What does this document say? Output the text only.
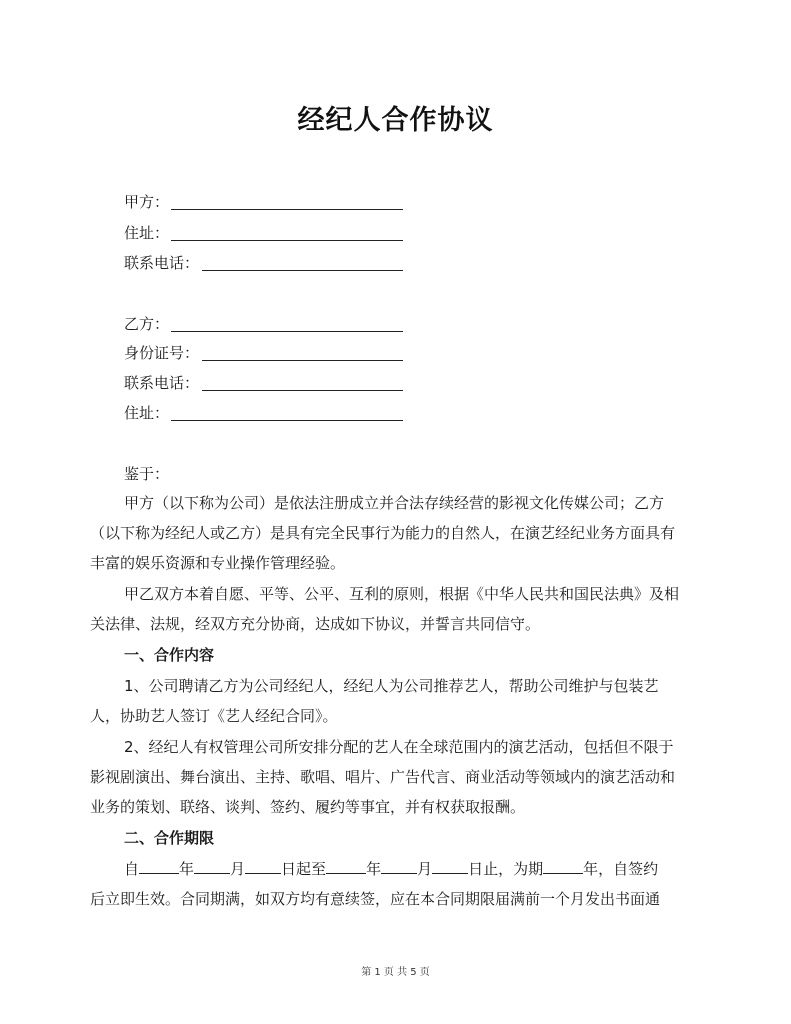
经纪人合作协议
甲方：
住址：
联系电话：
乙方：
身份证号：
联系电话：
住址：
鉴于：
甲方（以下称为公司）是依法注册成立并合法存续经营的影视文化传媒公司；乙方
（以下称为经纪人或乙方）是具有完全民事行为能力的自然人，在演艺经纪业务方面具有
丰富的娱乐资源和专业操作管理经验。
甲乙双方本着自愿、平等、公平、互利的原则，根据《中华人民共和国民法典》及相
关法律、法规，经双方充分协商，达成如下协议，并誓言共同信守。
一、合作内容
1、公司聘请乙方为公司经纪人，经纪人为公司推荐艺人，帮助公司维护与包装艺
人，协助艺人签订《艺人经纪合同》。
2、经纪人有权管理公司所安排分配的艺人在全球范围内的演艺活动，包括但不限于
影视剧演出、舞台演出、主持、歌唱、唱片、广告代言、商业活动等领域内的演艺活动和
业务的策划、联络、谈判、签约、履约等事宜，并有权获取报酬。
二、合作期限
自	年 月 日起至	年 月 日止，为期	年，自签约
后立即生效。合同期满，如双方均有意续签，应在本合同期限届满前一个月发出书面通
第 1 页 共 5 页
